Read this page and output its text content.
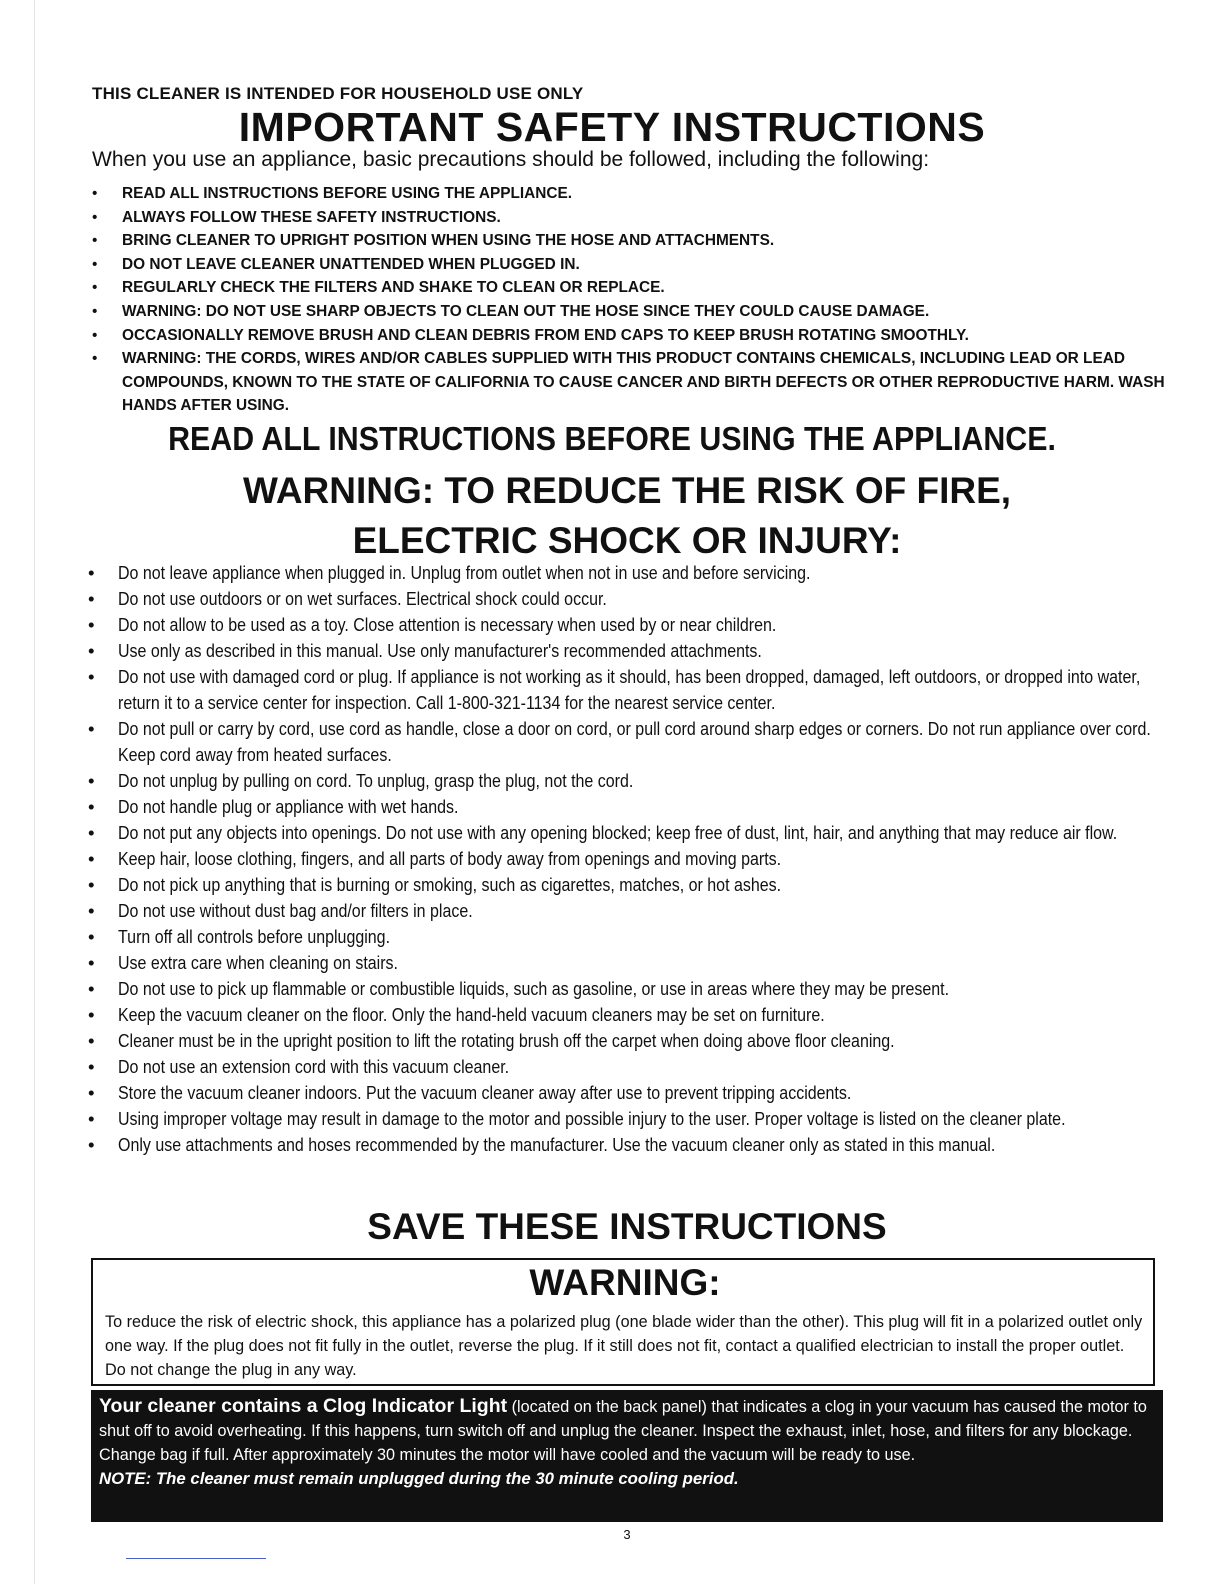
THIS CLEANER IS INTENDED FOR HOUSEHOLD USE ONLY
IMPORTANT SAFETY INSTRUCTIONS
When you use an appliance, basic precautions should be followed, including the following:
• READ ALL INSTRUCTIONS BEFORE USING THE APPLIANCE.
• ALWAYS FOLLOW THESE SAFETY INSTRUCTIONS.
• BRING CLEANER TO UPRIGHT POSITION WHEN USING THE HOSE AND ATTACHMENTS.
• DO NOT LEAVE CLEANER UNATTENDED WHEN PLUGGED IN.
• REGULARLY CHECK THE FILTERS AND SHAKE TO CLEAN OR REPLACE.
• WARNING: DO NOT USE SHARP OBJECTS TO CLEAN OUT THE HOSE SINCE THEY COULD CAUSE DAMAGE.
• OCCASIONALLY REMOVE BRUSH AND CLEAN DEBRIS FROM END CAPS TO KEEP BRUSH ROTATING SMOOTHLY.
• WARNING: THE CORDS, WIRES AND/OR CABLES SUPPLIED WITH THIS PRODUCT CONTAINS CHEMICALS, INCLUDING LEAD OR LEAD COMPOUNDS, KNOWN TO THE STATE OF CALIFORNIA TO CAUSE CANCER AND BIRTH DEFECTS OR OTHER REPRODUCTIVE HARM. WASH HANDS AFTER USING.
READ ALL INSTRUCTIONS BEFORE USING THE APPLIANCE.
WARNING: TO REDUCE THE RISK OF FIRE,
ELECTRIC SHOCK OR INJURY:
• Do not leave appliance when plugged in. Unplug from outlet when not in use and before servicing.
• Do not use outdoors or on wet surfaces. Electrical shock could occur.
• Do not allow to be used as a toy. Close attention is necessary when used by or near children.
• Use only as described in this manual. Use only manufacturer's recommended attachments.
• Do not use with damaged cord or plug. If appliance is not working as it should, has been dropped, damaged, left outdoors, or dropped into water, return it to a service center for inspection. Call 1-800-321-1134 for the nearest service center.
• Do not pull or carry by cord, use cord as handle, close a door on cord, or pull cord around sharp edges or corners. Do not run appliance over cord. Keep cord away from heated surfaces.
• Do not unplug by pulling on cord. To unplug, grasp the plug, not the cord.
• Do not handle plug or appliance with wet hands.
• Do not put any objects into openings. Do not use with any opening blocked; keep free of dust, lint, hair, and anything that may reduce air flow.
• Keep hair, loose clothing, fingers, and all parts of body away from openings and moving parts.
• Do not pick up anything that is burning or smoking, such as cigarettes, matches, or hot ashes.
• Do not use without dust bag and/or filters in place.
• Turn off all controls before unplugging.
• Use extra care when cleaning on stairs.
• Do not use to pick up flammable or combustible liquids, such as gasoline, or use in areas where they may be present.
• Keep the vacuum cleaner on the floor. Only the hand-held vacuum cleaners may be set on furniture.
• Cleaner must be in the upright position to lift the rotating brush off the carpet when doing above floor cleaning.
• Do not use an extension cord with this vacuum cleaner.
• Store the vacuum cleaner indoors. Put the vacuum cleaner away after use to prevent tripping accidents.
• Using improper voltage may result in damage to the motor and possible injury to the user. Proper voltage is listed on the cleaner plate.
• Only use attachments and hoses recommended by the manufacturer. Use the vacuum cleaner only as stated in this manual.
SAVE THESE INSTRUCTIONS
WARNING:
To reduce the risk of electric shock, this appliance has a polarized plug (one blade wider than the other). This plug will fit in a polarized outlet only one way. If the plug does not fit fully in the outlet, reverse the plug. If it still does not fit, contact a qualified electrician to install the proper outlet. Do not change the plug in any way.
Your cleaner contains a Clog Indicator Light (located on the back panel) that indicates a clog in your vacuum has caused the motor to shut off to avoid overheating. If this happens, turn switch off and unplug the cleaner. Inspect the exhaust, inlet, hose, and filters for any blockage. Change bag if full. After approximately 30 minutes the motor will have cooled and the vacuum will be ready to use.
NOTE: The cleaner must remain unplugged during the 30 minute cooling period.
3
